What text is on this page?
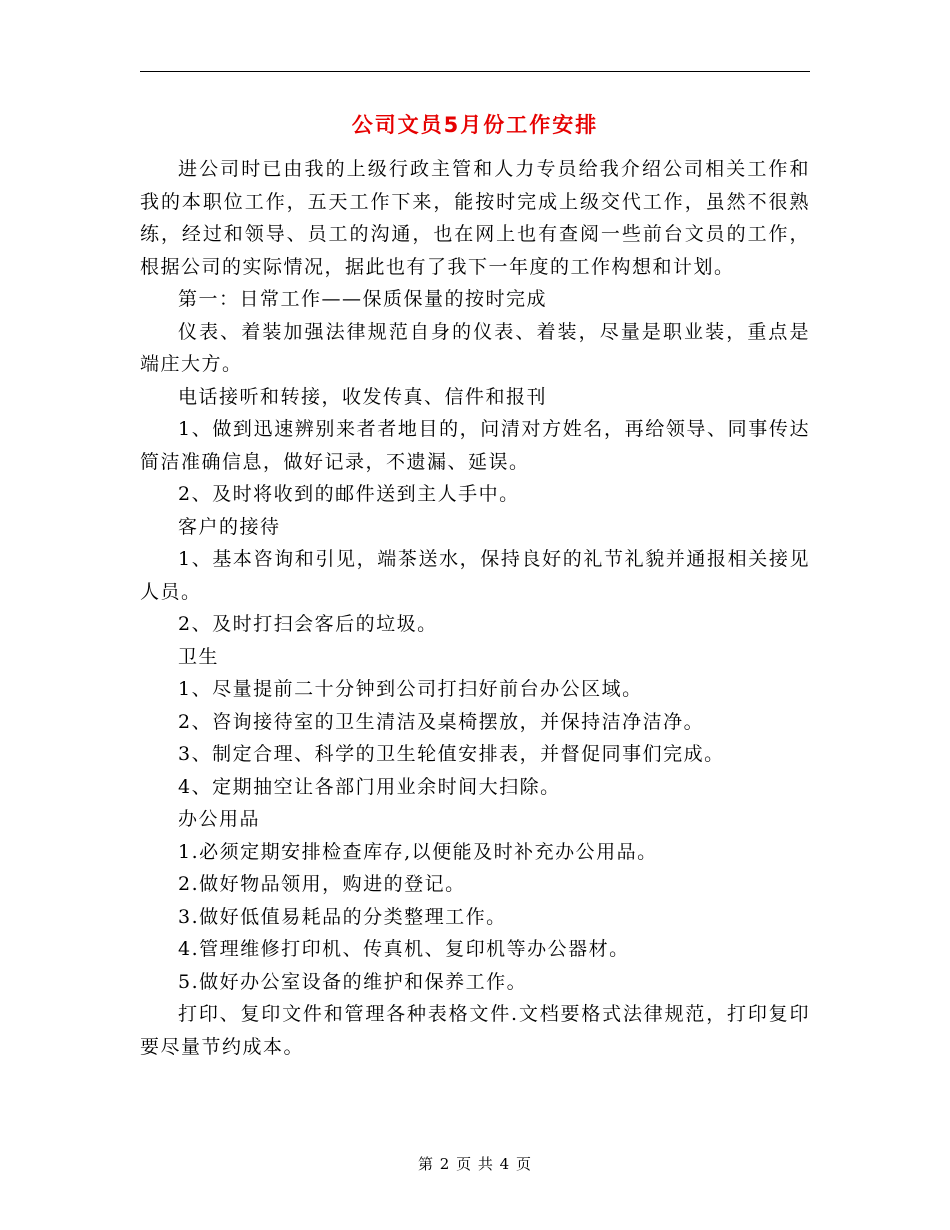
公司文员5月份工作安排

进公司时已由我的上级行政主管和人力专员给我介绍公司相关工作和我的本职位工作，五天工作下来，能按时完成上级交代工作，虽然不很熟练，经过和领导、员工的沟通，也在网上也有查阅一些前台文员的工作，根据公司的实际情况，据此也有了我下一年度的工作构想和计划。

第一：日常工作——保质保量的按时完成

仪表、着装加强法律规范自身的仪表、着装，尽量是职业装，重点是端庄大方。

电话接听和转接，收发传真、信件和报刊

1、做到迅速辨别来者者地目的，问清对方姓名，再给领导、同事传达简洁准确信息，做好记录，不遗漏、延误。

2、及时将收到的邮件送到主人手中。

客户的接待

1、基本咨询和引见，端茶送水，保持良好的礼节礼貌并通报相关接见人员。

2、及时打扫会客后的垃圾。

卫生

1、尽量提前二十分钟到公司打扫好前台办公区域。

2、咨询接待室的卫生清洁及桌椅摆放，并保持洁净洁净。

3、制定合理、科学的卫生轮值安排表，并督促同事们完成。

4、定期抽空让各部门用业余时间大扫除。

办公用品

1.必须定期安排检查库存,以便能及时补充办公用品。

2.做好物品领用，购进的登记。

3.做好低值易耗品的分类整理工作。

4.管理维修打印机、传真机、复印机等办公器材。

5.做好办公室设备的维护和保养工作。

打印、复印文件和管理各种表格文件.文档要格式法律规范，打印复印要尽量节约成本。

第 2 页 共 4 页
